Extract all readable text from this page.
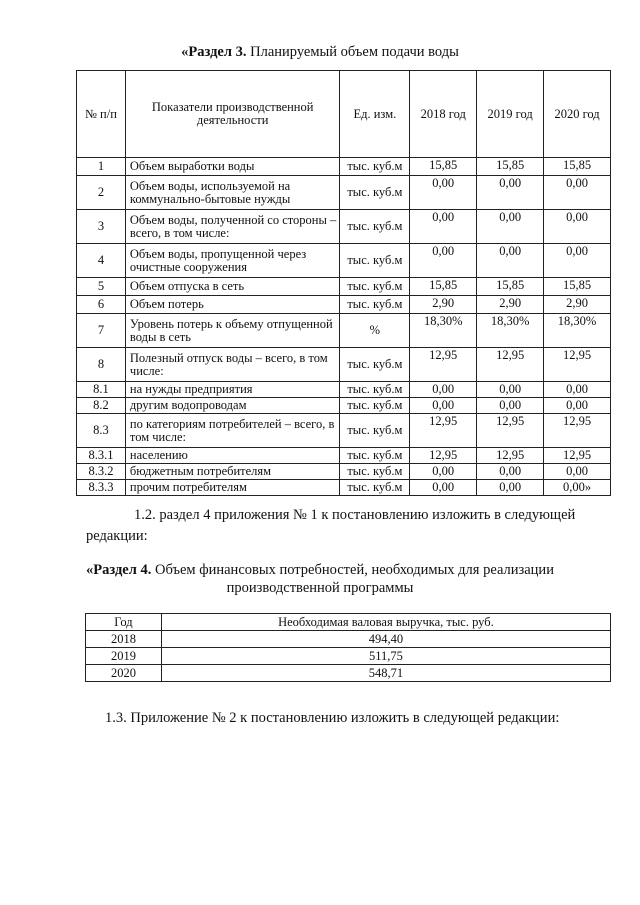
«Раздел 3. Планируемый объем подачи воды
№ п/п	Показатели производственной деятельности	Ед. изм.	2018 год	2019 год	2020 год
1	Объем выработки воды	тыс. куб.м	15,85	15,85	15,85
2	Объем воды, используемой на коммунально-бытовые нужды	тыс. куб.м	0,00	0,00	0,00
3	Объем воды, полученной со стороны – всего, в том числе:	тыс. куб.м	0,00	0,00	0,00
4	Объем воды, пропущенной через очистные сооружения	тыс. куб.м	0,00	0,00	0,00
5	Объем отпуска в сеть	тыс. куб.м	15,85	15,85	15,85
6	Объем потерь	тыс. куб.м	2,90	2,90	2,90
7	Уровень потерь к объему отпущенной воды в сеть	%	18,30%	18,30%	18,30%
8	Полезный отпуск воды – всего, в том числе:	тыс. куб.м	12,95	12,95	12,95
8.1	на нужды предприятия	тыс. куб.м	0,00	0,00	0,00
8.2	другим водопроводам	тыс. куб.м	0,00	0,00	0,00
8.3	по категориям потребителей – всего, в том числе:	тыс. куб.м	12,95	12,95	12,95
8.3.1	населению	тыс. куб.м	12,95	12,95	12,95
8.3.2	бюджетным потребителям	тыс. куб.м	0,00	0,00	0,00
8.3.3	прочим потребителям	тыс. куб.м	0,00	0,00	0,00»
1.2. раздел 4 приложения № 1 к постановлению изложить в следующей
редакции:
«Раздел 4. Объем финансовых потребностей, необходимых для реализации
производственной программы
Год	Необходимая валовая выручка, тыс. руб.
2018	494,40
2019	511,75
2020	548,71
1.3. Приложение № 2 к постановлению изложить в следующей редакции:
